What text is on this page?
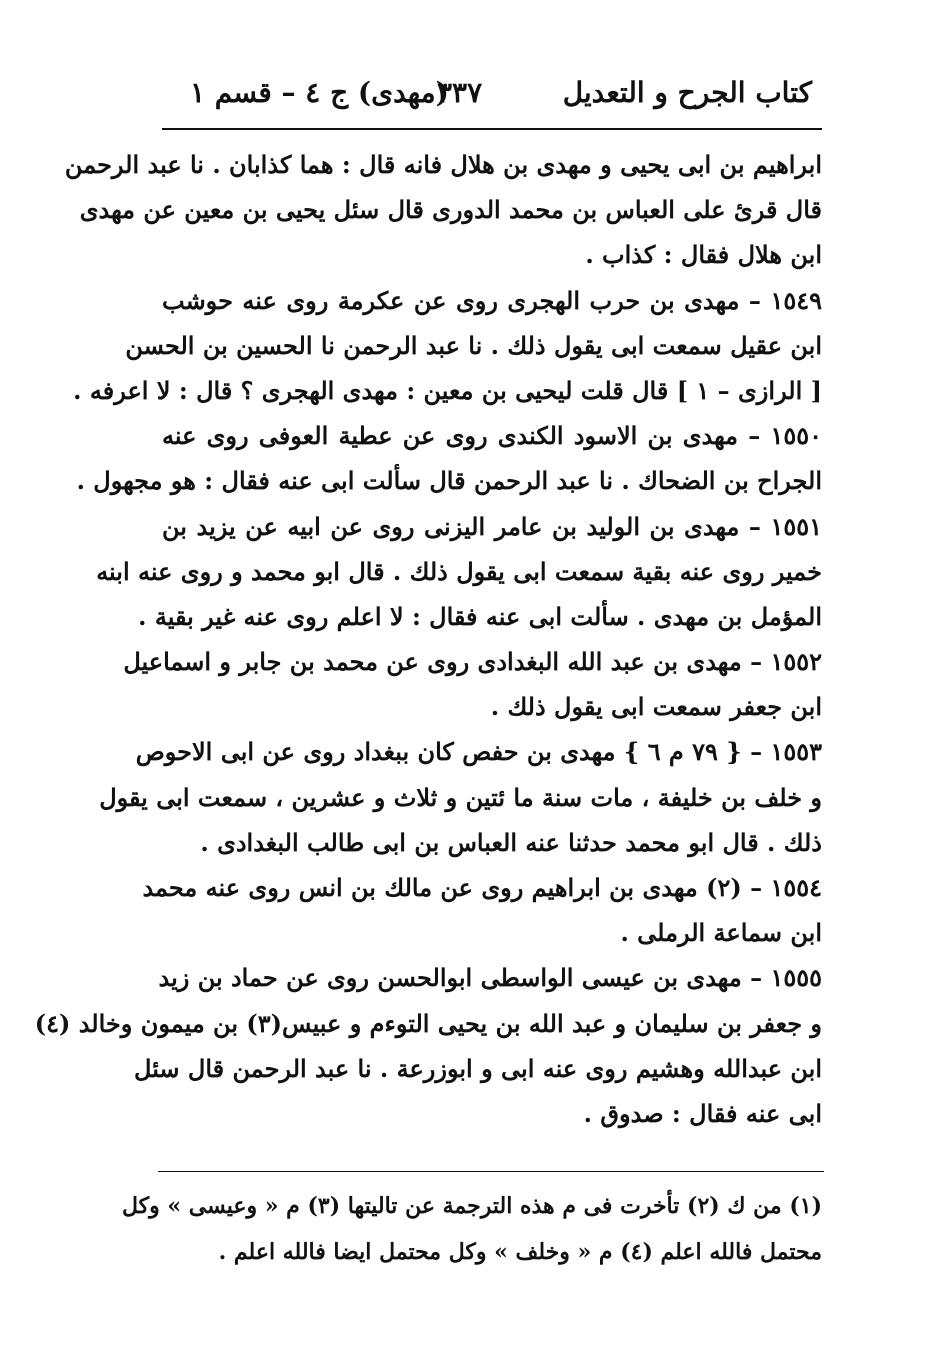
كتاب الجرح و التعديل
٣٣٧
(مهدى) ج ٤ – قسم ١
ابراهيم بن ابى يحيى و مهدى بن هلال فانه قال : هما كذابان . نا عبد الرحمن
قال قرئ على العباس بن محمد الدورى قال سئل يحيى بن معين عن مهدى
ابن هلال فقال : كذاب .
١٥٤٩ – مهدى بن حرب الهجرى روى عن عكرمة روى عنه حوشب
ابن عقيل سمعت ابى يقول ذلك . نا عبد الرحمن نا الحسين بن الحسن
[ الرازى – ١ ] قال قلت ليحيى بن معين : مهدى الهجرى ؟ قال : لا اعرفه .
١٥٥٠ – مهدى بن الاسود الكندى روى عن عطية العوفى روى عنه
الجراح بن الضحاك . نا عبد الرحمن قال سألت ابى عنه فقال : هو مجهول .
١٥٥١ – مهدى بن الوليد بن عامر اليزنى روى عن ابيه عن يزيد بن
خمير روى عنه بقية سمعت ابى يقول ذلك . قال ابو محمد و روى عنه ابنه
المؤمل بن مهدى . سألت ابى عنه فقال : لا اعلم روى عنه غير بقية .
١٥٥٢ – مهدى بن عبد الله البغدادى روى عن محمد بن جابر و اسماعيل
ابن جعفر سمعت ابى يقول ذلك .
١٥٥٣ – { ٧٩ م ٦ } مهدى بن حفص كان ببغداد روى عن ابى الاحوص
و خلف بن خليفة ، مات سنة ما ئتين و ثلاث و عشرين ، سمعت ابى يقول
ذلك . قال ابو محمد حدثنا عنه العباس بن ابى طالب البغدادى .
١٥٥٤ – (٢) مهدى بن ابراهيم روى عن مالك بن انس روى عنه محمد
ابن سماعة الرملى .
١٥٥٥ – مهدى بن عيسى الواسطى ابوالحسن روى عن حماد بن زيد
و جعفر بن سليمان و عبد الله بن يحيى التوءم و عبيس(٣) بن ميمون وخالد (٤)
ابن عبدالله وهشيم روى عنه ابى و ابوزرعة . نا عبد الرحمن قال سئل
ابى عنه فقال : صدوق .
(١) من ك (٢) تأخرت فى م هذه الترجمة عن تاليتها (٣) م « وعيسى » وكل
محتمل فالله اعلم (٤) م « وخلف » وكل محتمل ايضا فالله اعلم .
